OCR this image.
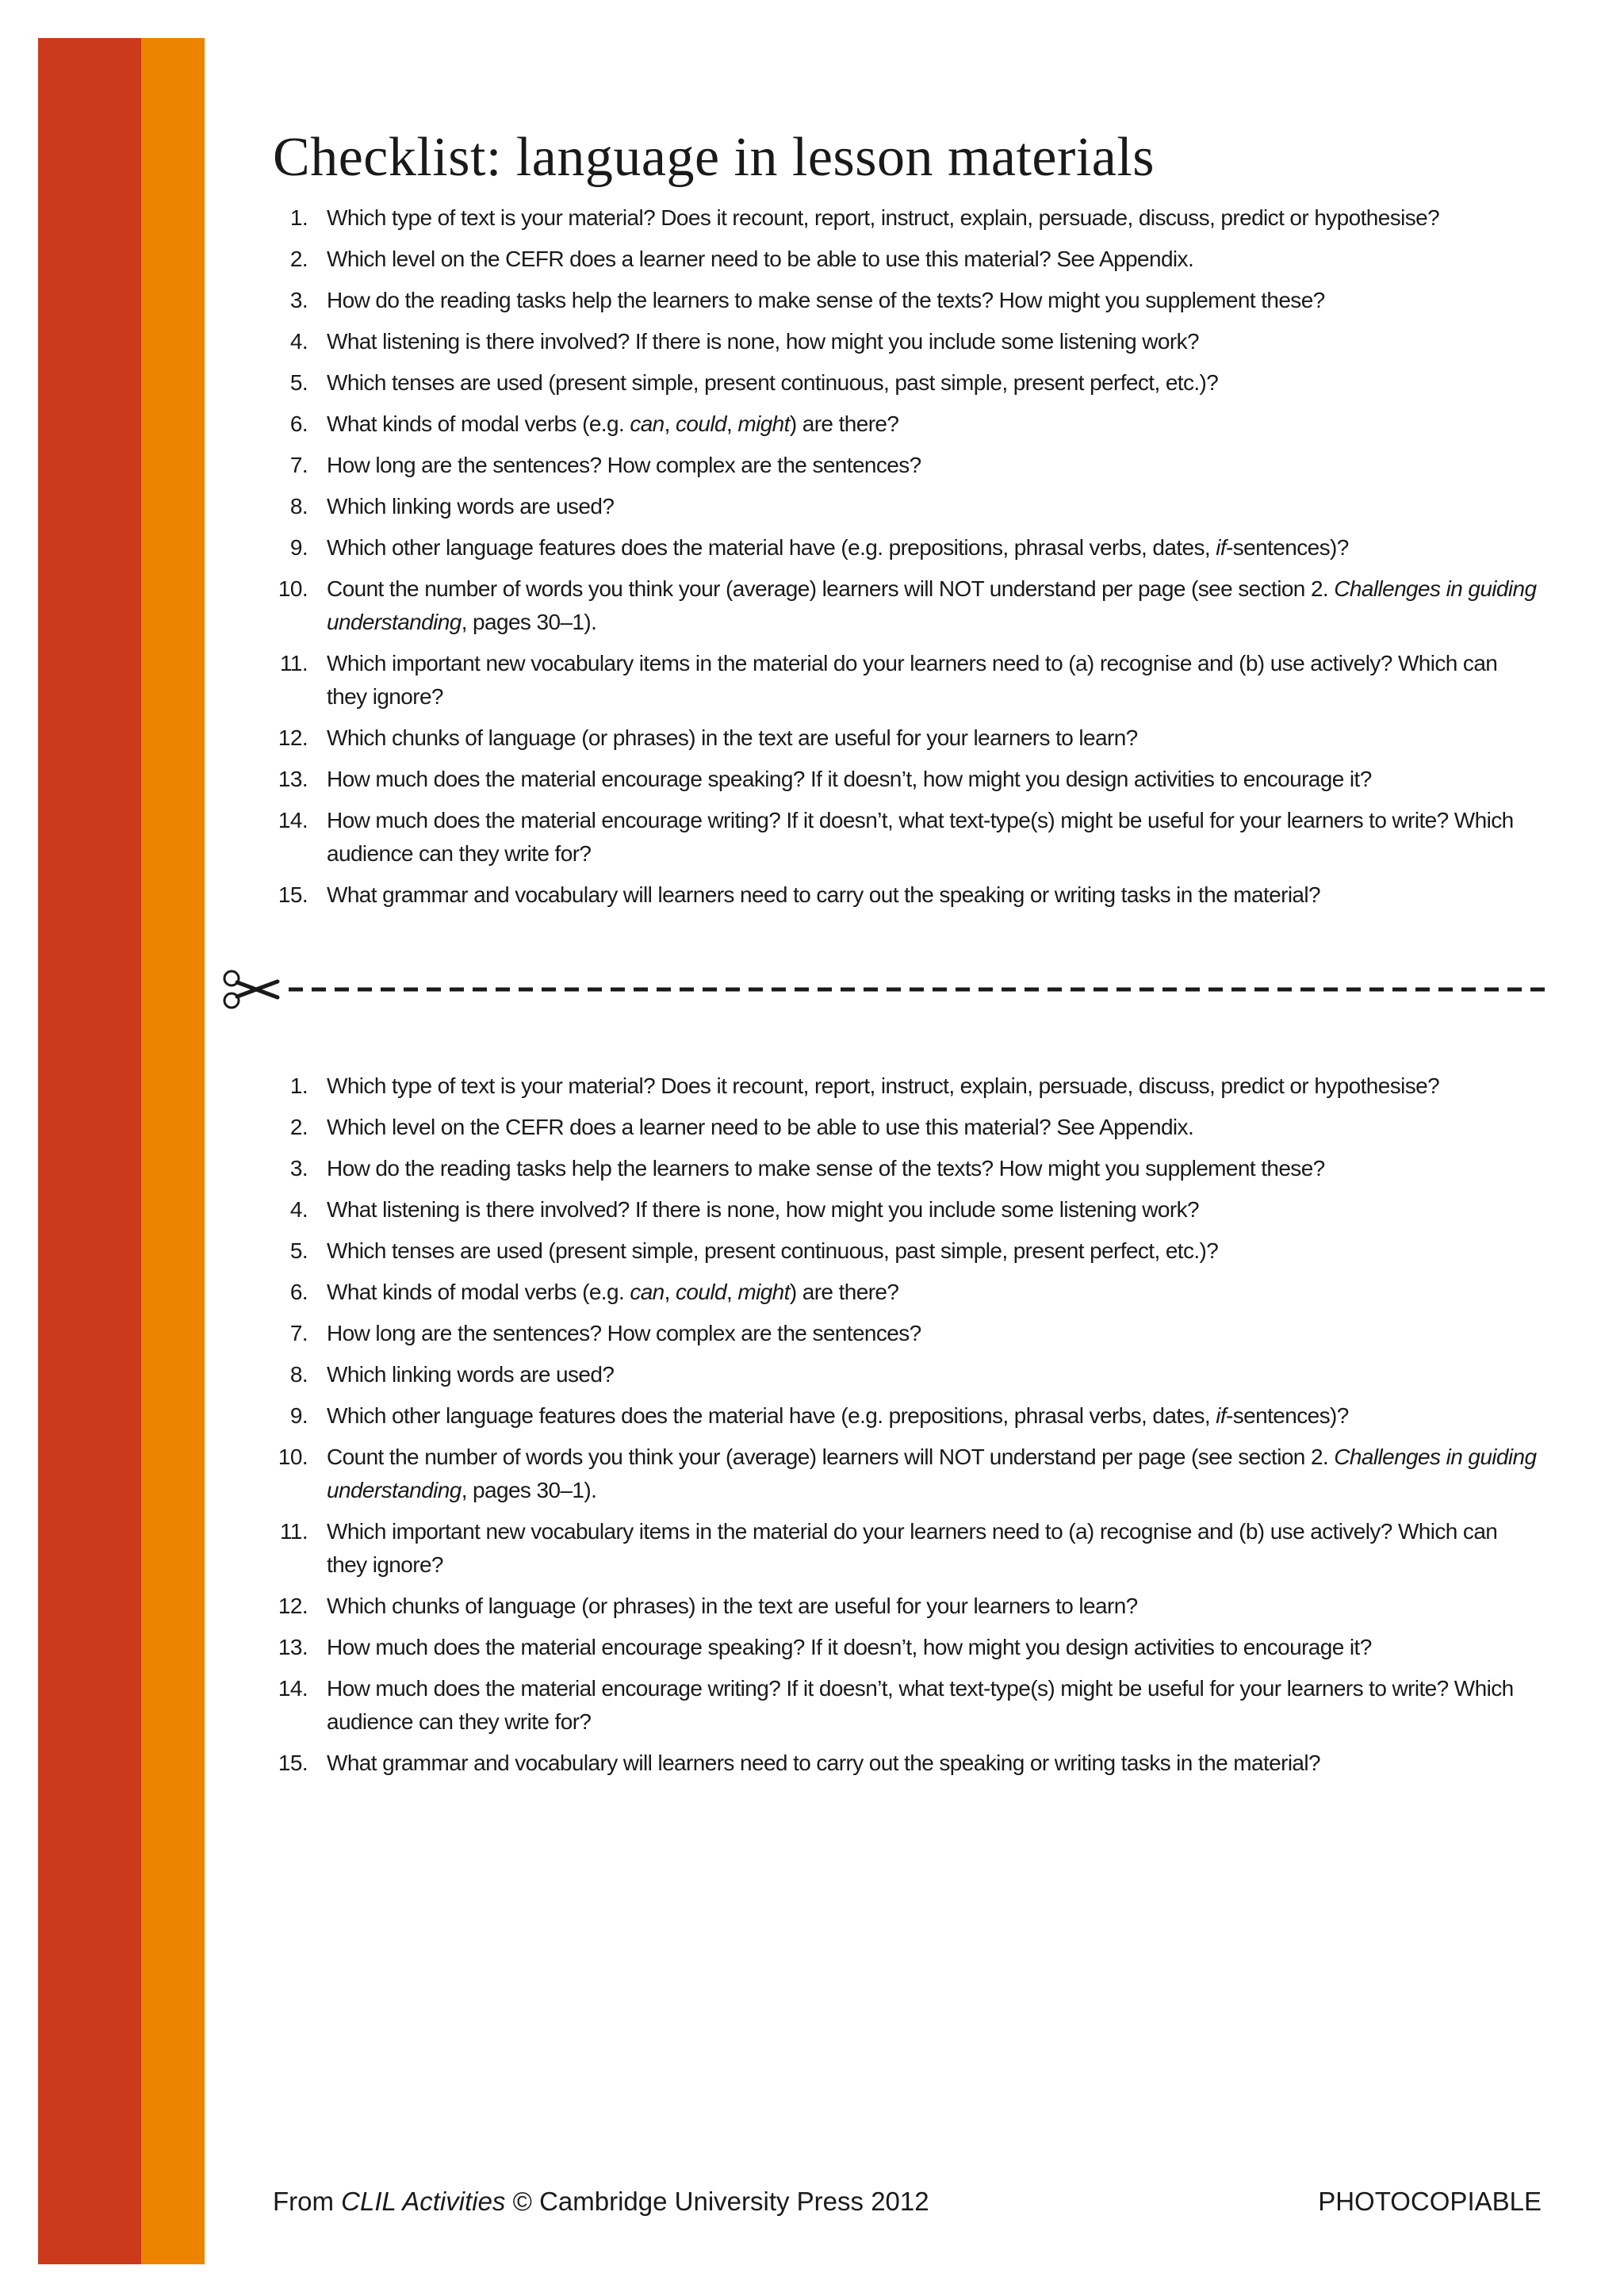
Checklist: language in lesson materials
1. Which type of text is your material? Does it recount, report, instruct, explain, persuade, discuss, predict or hypothesise?
2. Which level on the CEFR does a learner need to be able to use this material? See Appendix.
3. How do the reading tasks help the learners to make sense of the texts? How might you supplement these?
4. What listening is there involved? If there is none, how might you include some listening work?
5. Which tenses are used (present simple, present continuous, past simple, present perfect, etc.)?
6. What kinds of modal verbs (e.g. can, could, might) are there?
7. How long are the sentences? How complex are the sentences?
8. Which linking words are used?
9. Which other language features does the material have (e.g. prepositions, phrasal verbs, dates, if-sentences)?
10. Count the number of words you think your (average) learners will NOT understand per page (see section 2. Challenges in guiding understanding, pages 30–1).
11. Which important new vocabulary items in the material do your learners need to (a) recognise and (b) use actively? Which can they ignore?
12. Which chunks of language (or phrases) in the text are useful for your learners to learn?
13. How much does the material encourage speaking? If it doesn’t, how might you design activities to encourage it?
14. How much does the material encourage writing? If it doesn’t, what text-type(s) might be useful for your learners to write? Which audience can they write for?
15. What grammar and vocabulary will learners need to carry out the speaking or writing tasks in the material?
1. Which type of text is your material? Does it recount, report, instruct, explain, persuade, discuss, predict or hypothesise?
2. Which level on the CEFR does a learner need to be able to use this material? See Appendix.
3. How do the reading tasks help the learners to make sense of the texts? How might you supplement these?
4. What listening is there involved? If there is none, how might you include some listening work?
5. Which tenses are used (present simple, present continuous, past simple, present perfect, etc.)?
6. What kinds of modal verbs (e.g. can, could, might) are there?
7. How long are the sentences? How complex are the sentences?
8. Which linking words are used?
9. Which other language features does the material have (e.g. prepositions, phrasal verbs, dates, if-sentences)?
10. Count the number of words you think your (average) learners will NOT understand per page (see section 2. Challenges in guiding understanding, pages 30–1).
11. Which important new vocabulary items in the material do your learners need to (a) recognise and (b) use actively? Which can they ignore?
12. Which chunks of language (or phrases) in the text are useful for your learners to learn?
13. How much does the material encourage speaking? If it doesn’t, how might you design activities to encourage it?
14. How much does the material encourage writing? If it doesn’t, what text-type(s) might be useful for your learners to write? Which audience can they write for?
15. What grammar and vocabulary will learners need to carry out the speaking or writing tasks in the material?
From CLIL Activities © Cambridge University Press 2012	PHOTOCOPIABLE
